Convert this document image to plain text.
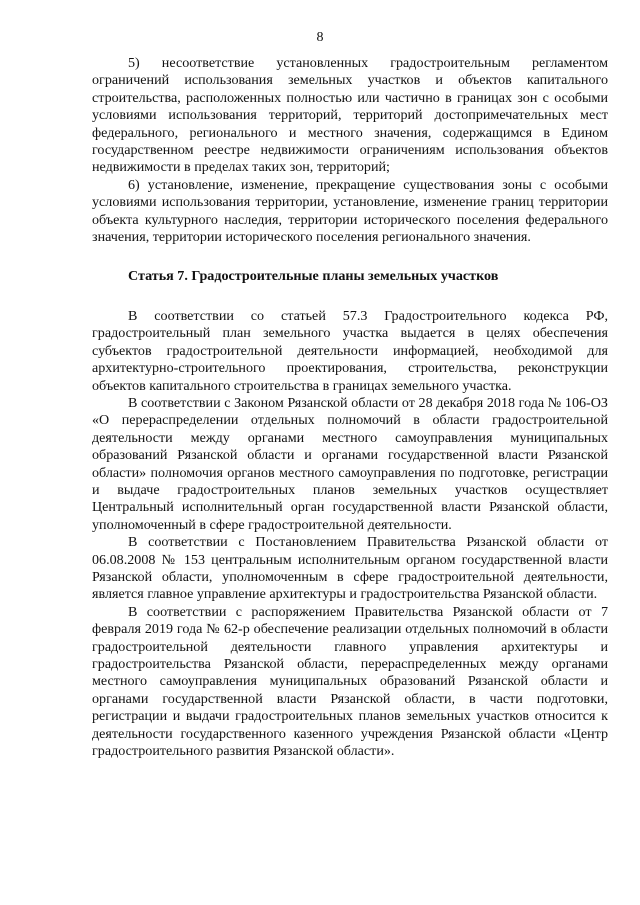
8

5) несоответствие установленных градостроительным регламентом ограничений использования земельных участков и объектов капитального строительства, расположенных полностью или частично в границах зон с особыми условиями использования территорий, территорий достопримечательных мест федерального, регионального и местного значения, содержащимся в Едином государственном реестре недвижимости ограничениям использования объектов недвижимости в пределах таких зон, территорий;

6) установление, изменение, прекращение существования зоны с особыми условиями использования территории, установление, изменение границ территории объекта культурного наследия, территории исторического поселения федерального значения, территории исторического поселения регионального значения.

Статья 7. Градостроительные планы земельных участков

В соответствии со статьей 57.3 Градостроительного кодекса РФ, градостроительный план земельного участка выдается в целях обеспечения субъектов градостроительной деятельности информацией, необходимой для архитектурно-строительного проектирования, строительства, реконструкции объектов капитального строительства в границах земельного участка.

В соответствии с Законом Рязанской области от 28 декабря 2018 года № 106-ОЗ «О перераспределении отдельных полномочий в области градостроительной деятельности между органами местного самоуправления муниципальных образований Рязанской области и органами государственной власти Рязанской области» полномочия органов местного самоуправления по подготовке, регистрации и выдаче градостроительных планов земельных участков осуществляет Центральный исполнительный орган государственной власти Рязанской области, уполномоченный в сфере градостроительной деятельности.

В соответствии с Постановлением Правительства Рязанской области от 06.08.2008 № 153 центральным исполнительным органом государственной власти Рязанской области, уполномоченным в сфере градостроительной деятельности, является главное управление архитектуры и градостроительства Рязанской области.

В соответствии с распоряжением Правительства Рязанской области от 7 февраля 2019 года № 62-р обеспечение реализации отдельных полномочий в области градостроительной деятельности главного управления архитектуры и градостроительства Рязанской области, перераспределенных между органами местного самоуправления муниципальных образований Рязанской области и органами государственной власти Рязанской области, в части подготовки, регистрации и выдачи градостроительных планов земельных участков относится к деятельности государственного казенного учреждения Рязанской области «Центр градостроительного развития Рязанской области».
